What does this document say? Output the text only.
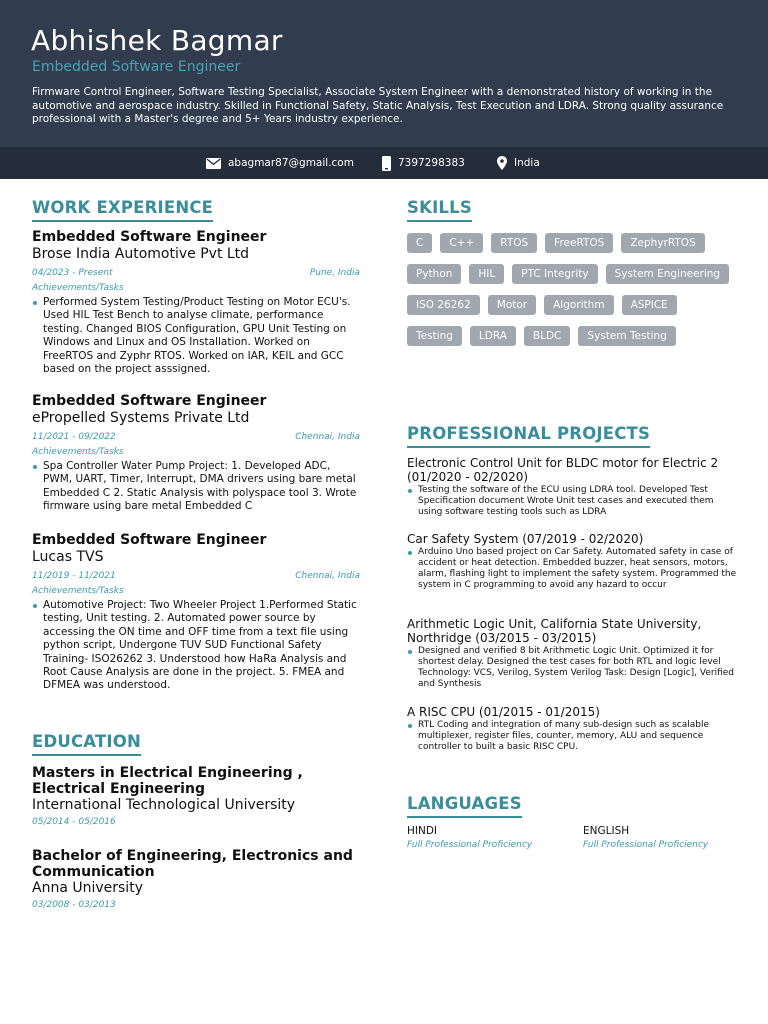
Abhishek Bagmar
Embedded Software Engineer
Firmware Control Engineer, Software Testing Specialist, Associate System Engineer with a demonstrated history of working in the automotive and aerospace industry. Skilled in Functional Safety, Static Analysis, Test Execution and LDRA. Strong quality assurance professional with a Master's degree and 5+ Years industry experience.
abagmar87@gmail.com	7397298383	India
WORK EXPERIENCE
Embedded Software Engineer
Brose India Automotive Pvt Ltd
04/2023 - Present	Pune, India
Achievements/Tasks
Performed System Testing/Product Testing on Motor ECU's. Used HIL Test Bench to analyse climate, performance testing. Changed BIOS Configuration, GPU Unit Testing on Windows and Linux and OS Installation. Worked on FreeRTOS and Zyphr RTOS. Worked on IAR, KEIL and GCC based on the project asssigned.
Embedded Software Engineer
ePropelled Systems Private Ltd
11/2021 - 09/2022	Chennai, India
Achievements/Tasks
Spa Controller Water Pump Project: 1. Developed ADC, PWM, UART, Timer, Interrupt, DMA drivers using bare metal Embedded C 2. Static Analysis with polyspace tool 3. Wrote firmware using bare metal Embedded C
Embedded Software Engineer
Lucas TVS
11/2019 - 11/2021	Chennai, India
Achievements/Tasks
Automotive Project: Two Wheeler Project 1.Performed Static testing, Unit testing. 2. Automated power source by accessing the ON time and OFF time from a text file using python script, Undergone TUV SUD Functional Safety Training- ISO26262 3. Understood how HaRa Analysis and Root Cause Analysis are done in the project. 5. FMEA and DFMEA was understood.
EDUCATION
Masters in Electrical Engineering , Electrical Engineering
International Technological University
05/2014 - 05/2016
Bachelor of Engineering, Electronics and Communication
Anna University
03/2008 - 03/2013
SKILLS
C	C++	RTOS	FreeRTOS	ZephyrRTOS
Python	HIL	PTC Integrity	System Engineering
ISO 26262	Motor	Algorithm	ASPICE
Testing	LDRA	BLDC	System Testing
PROFESSIONAL PROJECTS
Electronic Control Unit for BLDC motor for Electric 2 (01/2020 - 02/2020)
Testing the software of the ECU using LDRA tool. Developed Test Specification document Wrote Unit test cases and executed them using software testing tools such as LDRA
Car Safety System (07/2019 - 02/2020)
Arduino Uno based project on Car Safety. Automated safety in case of accident or heat detection. Embedded buzzer, heat sensors, motors, alarm, flashing light to implement the safety system. Programmed the system in C programming to avoid any hazard to occur
Arithmetic Logic Unit, California State University, Northridge (03/2015 - 03/2015)
Designed and verified 8 bit Arithmetic Logic Unit. Optimized it for shortest delay. Designed the test cases for both RTL and logic level Technology: VCS, Verilog, System Verilog Task: Design [Logic], Verified and Synthesis
A RISC CPU (01/2015 - 01/2015)
RTL Coding and integration of many sub-design such as scalable multiplexer, register files, counter, memory, ALU and sequence controller to built a basic RISC CPU.
LANGUAGES
HINDI
Full Professional Proficiency
ENGLISH
Full Professional Proficiency
